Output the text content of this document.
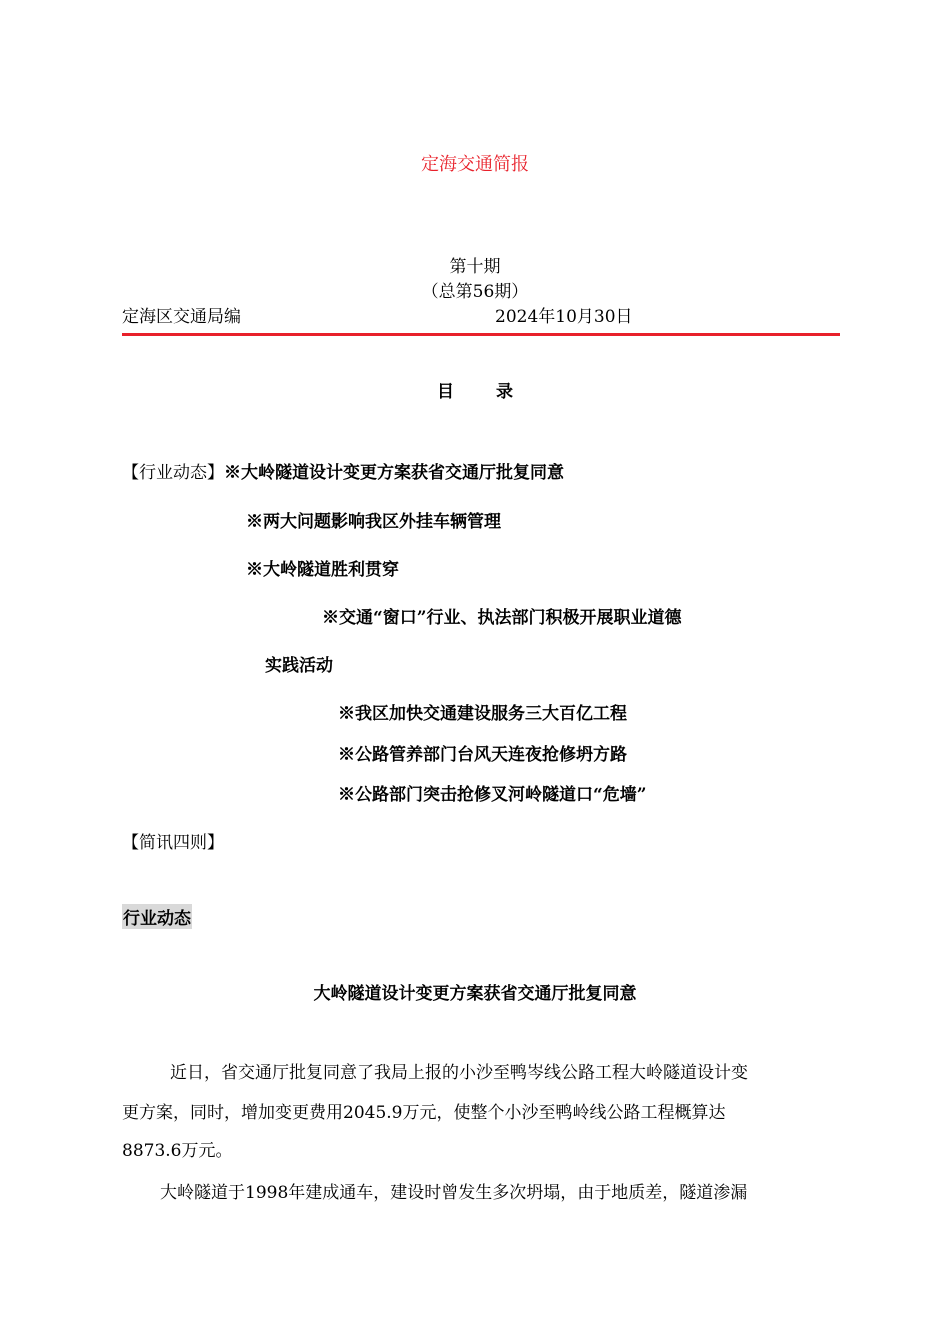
定海交通简报
第十期
（总第56期）
定海区交通局编	2024年10月30日
目 录
【行业动态】※大岭隧道设计变更方案获省交通厅批复同意
※两大问题影响我区外挂车辆管理
※大岭隧道胜利贯穿
※交通“窗口”行业、执法部门积极开展职业道德
实践活动
※我区加快交通建设服务三大百亿工程
※公路管养部门台风天连夜抢修坍方路
※公路部门突击抢修叉河岭隧道口“危墙”
【简讯四则】
行业动态
大岭隧道设计变更方案获省交通厅批复同意
近日，省交通厅批复同意了我局上报的小沙至鸭岑线公路工程大岭隧道设计变
更方案，同时，增加变更费用2045.9万元，使整个小沙至鸭岭线公路工程概算达
8873.6万元。
大岭隧道于1998年建成通车，建设时曾发生多次坍塌，由于地质差，隧道渗漏
